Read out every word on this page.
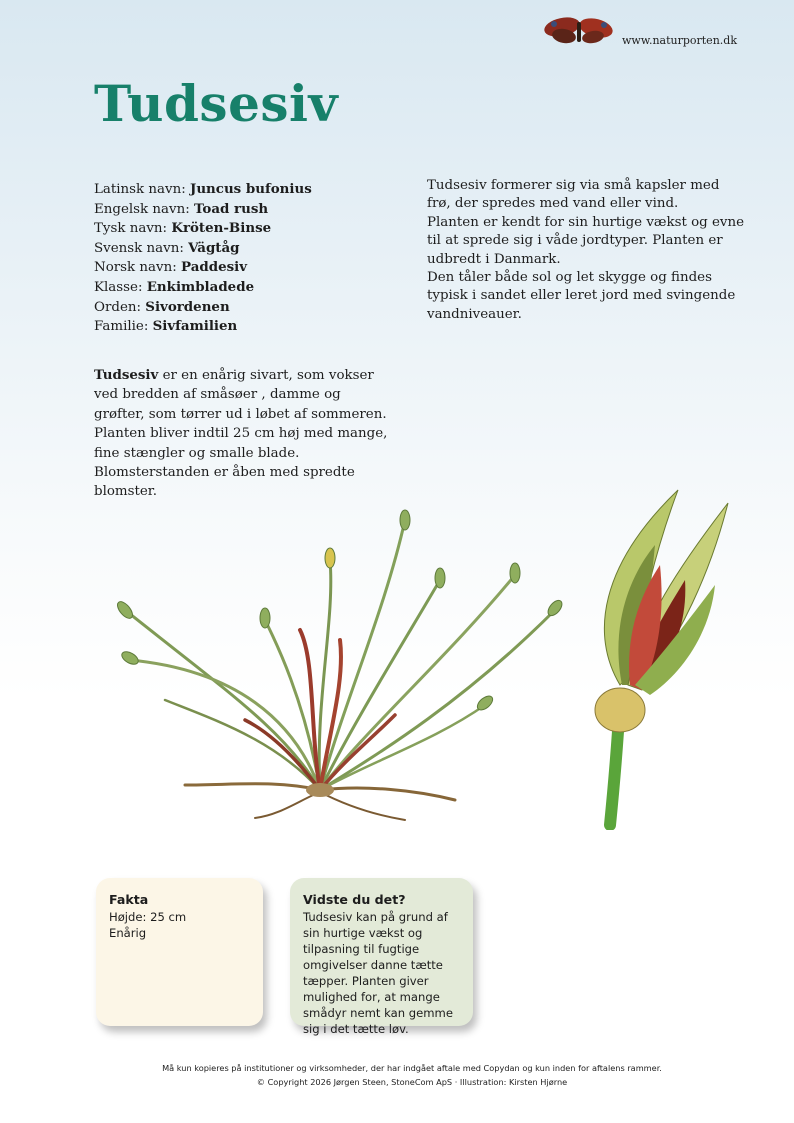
www.naturporten.dk
Tudsesiv
Latinsk navn: Juncus bufonius
Engelsk navn: Toad rush
Tysk navn: Kröten-Binse
Svensk navn: Vägtåg
Norsk navn: Paddesiv
Klasse: Enkimbladede
Orden: Sivordenen
Familie: Sivfamilien
Tudsesiv formerer sig via små kapsler med frø, der spredes med vand eller vind.
Planten er kendt for sin hurtige vækst og evne til at sprede sig i våde jordtyper. Planten er udbredt i Danmark.
Den tåler både sol og let skygge og findes typisk i sandet eller leret jord med svingende vandniveauer.
Tudsesiv er en enårig sivart, som vokser ved bredden af småsøer , damme og grøfter, som tørrer ud i løbet af sommeren. Planten bliver indtil 25 cm høj med mange, fine stængler og smalle blade. Blomsterstanden er åben med spredte blomster.
Fakta
Højde: 25 cm
Enårig
Vidste du det?
Tudsesiv kan på grund af sin hurtige vækst og tilpasning til fugtige omgivelser danne tætte tæpper. Planten giver mulighed for, at mange smådyr nemt kan gemme sig i det tætte løv.
Må kun kopieres på institutioner og virksomheder, der har indgået aftale med Copydan og kun inden for aftalens rammer.
© Copyright 2026 Jørgen Steen, StoneCom ApS · Illustration: Kirsten Hjørne
